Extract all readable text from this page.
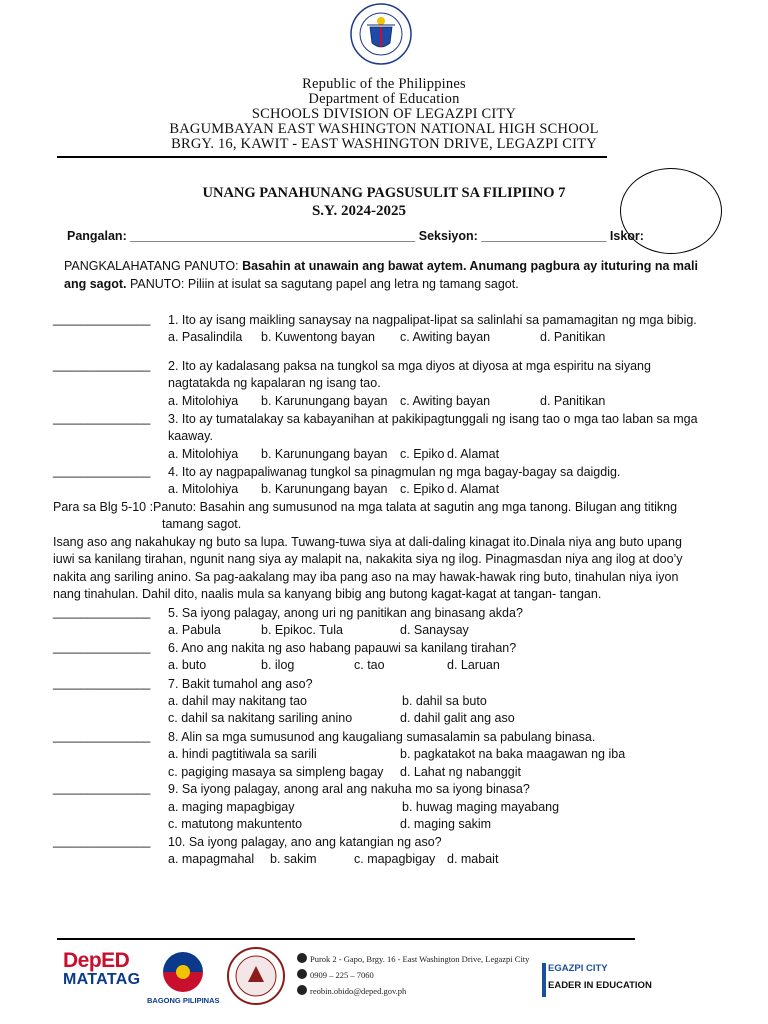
Republic of the Philippines
Department of Education
SCHOOLS DIVISION OF LEGAZPI CITY
BAGUMBAYAN EAST WASHINGTON NATIONAL HIGH SCHOOL
BRGY. 16, KAWIT - EAST WASHINGTON DRIVE, LEGAZPI CITY
UNANG PANAHUNANG PAGSUSULIT SA FILIPIINO 7
S.Y. 2024-2025
Pangalan: _________________________________________ Seksiyon: __________________ Iskor:
PANGKALAHATANG PANUTO: Basahin at unawain ang bawat aytem. Anumang pagbura ay ituturing na mali
ang sagot. PANUTO: Piliin at isulat sa sagutang papel ang letra ng tamang sagot.
______________ 1. Ito ay isang maikling sanaysay na nagpalipat-lipat sa salinlahi sa pamamagitan ng mga bibig.
a. Pasalindila b. Kuwentong bayan c. Awiting bayan	d. Panitikan
______________ 2. Ito ay kadalasang paksa na tungkol sa mga diyos at diyosa at mga espiritu na siyang
nagtatakda ng kapalaran ng isang tao.
a. Mitolohiya b. Karunungang bayan c. Awiting bayan	d. Panitikan
______________ 3. Ito ay tumatalakay sa kabayanihan at pakikipagtunggali ng isang tao o mga tao laban sa mga
kaaway.
a. Mitolohiya b. Karunungang bayan c. Epiko d. Alamat
______________ 4. Ito ay nagpapaliwanag tungkol sa pinagmulan ng mga bagay-bagay sa daigdig.
a. Mitolohiya b. Karunungang bayan c. Epiko d. Alamat
Para sa Blg 5-10 :Panuto: Basahin ang sumusunod na mga talata at sagutin ang mga tanong. Bilugan ang titikng
tamang sagot.
Isang aso ang nakahukay ng buto sa lupa. Tuwang-tuwa siya at dali-daling kinagat ito.Dinala niya ang buto upang
iuwi sa kanilang tirahan, ngunit nang siya ay malapit na, nakakita siya ng ilog. Pinagmasdan niya ang ilog at doo’y
nakita ang sariling anino. Sa pag-aakalang may iba pang aso na may hawak-hawak ring buto, tinahulan niya iyon
nang tinahulan. Dahil dito, naalis mula sa kanyang bibig ang butong kagat-kagat at tangan- tangan.
______________ 5. Sa iyong palagay, anong uri ng panitikan ang binasang akda?
a. Pabula	b. Epikoc. Tula	d. Sanaysay
______________ 6. Ano ang nakita ng aso habang papauwi sa kanilang tirahan?
a. buto	b. ilog	c. tao	d. Laruan
______________ 7. Bakit tumahol ang aso?
a. dahil may nakitang tao	b. dahil sa buto
c. dahil sa nakitang sariling anino	d. dahil galit ang aso
______________ 8. Alin sa mga sumusunod ang kaugaliang sumasalamin sa pabulang binasa.
a. hindi pagtitiwala sa sarili	b. pagkatakot na baka maagawan ng iba
c. pagiging masaya sa simpleng bagay d. Lahat ng nabanggit
______________ 9. Sa iyong palagay, anong aral ang nakuha mo sa iyong binasa?
a. maging mapagbigay	b. huwag maging mayabang
c. matutong makuntento	d. maging sakim
______________ 10. Sa iyong palagay, ano ang katangian ng aso?
a. mapagmahal b. sakim	c. mapagbigay d. mabait
DepED
MATATAG
BAGONG PILIPINAS
Purok 2 - Gapo, Brgy. 16 - East Washington Drive, Legazpi City
0909 – 225 – 7060
reobin.obido@deped.gov.ph
EGAZPI CITY
EADER IN EDUCATION
